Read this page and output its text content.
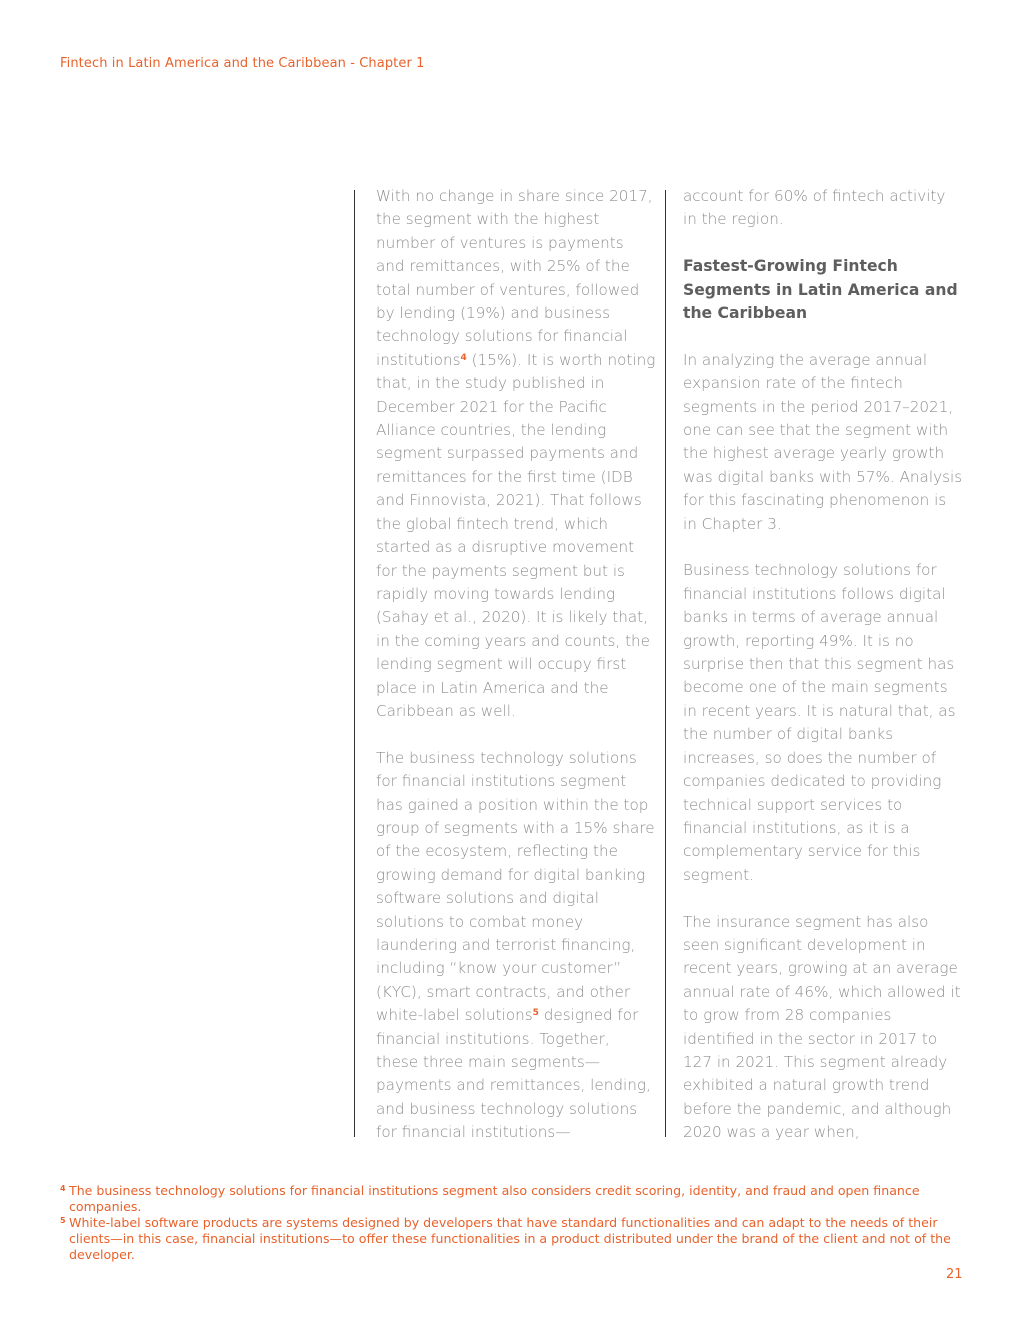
Fintech in Latin America and the Caribbean - Chapter 1

With no change in share since 2017, the segment with the highest number of ventures is payments and remittances, with 25% of the total number of ventures, followed by lending (19%) and business technology solutions for financial institutions$^4$ (15%). It is worth noting that, in the study published in December 2021 for the Pacific Alliance countries, the lending segment surpassed payments and remittances for the first time (IDB and Finnovista, 2021). That follows the global fintech trend, which started as a disruptive movement for the payments segment but is rapidly moving towards lending (Sahay et al., 2020). It is likely that, in the coming years and counts, the lending segment will occupy first place in Latin America and the Caribbean as well.

The business technology solutions for financial institutions segment has gained a position within the top group of segments with a 15% share of the ecosystem, reflecting the growing demand for digital banking software solutions and digital solutions to combat money laundering and terrorist financing, including “know your customer” (KYC), smart contracts, and other white-label solutions$^5$ designed for financial institutions. Together, these three main segments—payments and remittances, lending, and business technology solutions for financial institutions—

account for 60% of fintech activity in the region.

Fastest-Growing Fintech Segments in Latin America and the Caribbean

In analyzing the average annual expansion rate of the fintech segments in the period 2017–2021, one can see that the segment with the highest average yearly growth was digital banks with 57%. Analysis for this fascinating phenomenon is in Chapter 3.

Business technology solutions for financial institutions follows digital banks in terms of average annual growth, reporting 49%. It is no surprise then that this segment has become one of the main segments in recent years. It is natural that, as the number of digital banks increases, so does the number of companies dedicated to providing technical support services to financial institutions, as it is a complementary service for this segment.

The insurance segment has also seen significant development in recent years, growing at an average annual rate of 46%, which allowed it to grow from 28 companies identified in the sector in 2017 to 127 in 2021. This segment already exhibited a natural growth trend before the pandemic, and although 2020 was a year when,

4 The business technology solutions for financial institutions segment also considers credit scoring, identity, and fraud and open finance companies.
5 White-label software products are systems designed by developers that have standard functionalities and can adapt to the needs of their clients—in this case, financial institutions—to offer these functionalities in a product distributed under the brand of the client and not of the developer.
21
